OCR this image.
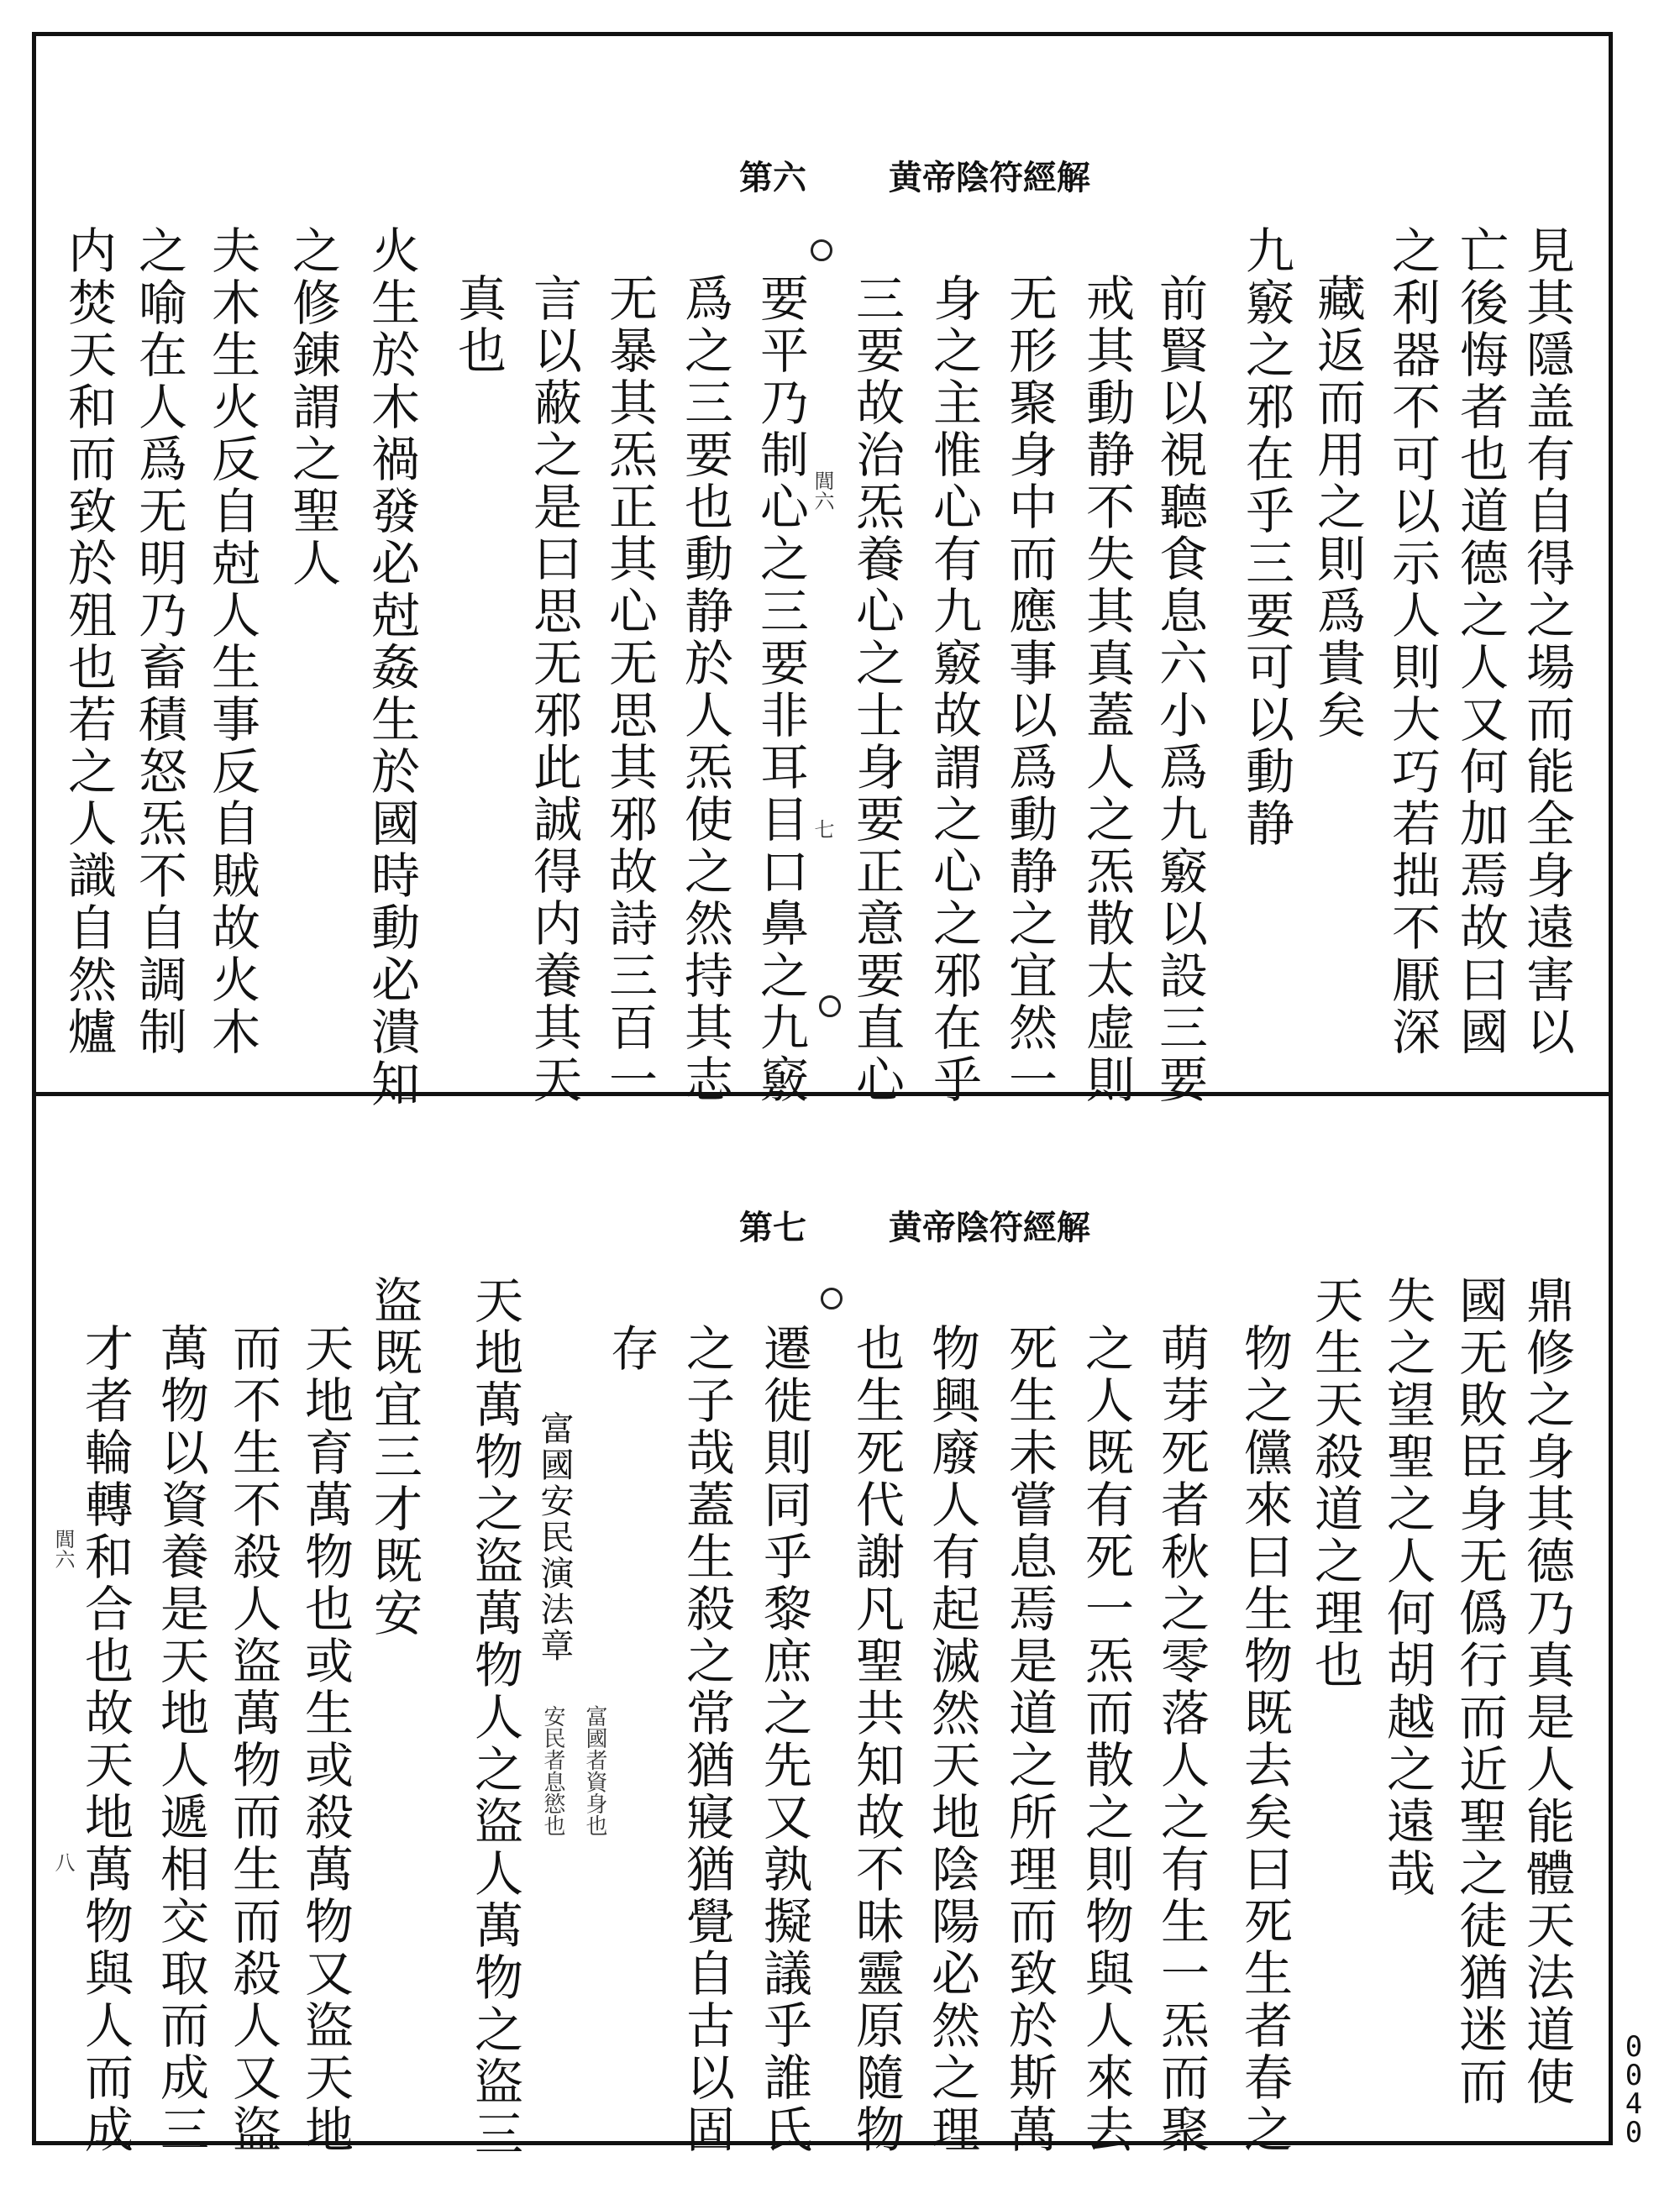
第六 黄帝陰符經解
見其隱盖有自得之場而能全身遠害以
亡後悔者也道德之人又何加焉故曰國
之利器不可以示人則大巧若拙不厭深
藏返而用之則爲貴矣
九竅之邪在乎三要可以動静
前賢以視聽食息六小爲九竅以設三要
戒其動静不失其真蓋人之炁散太虚則
无形聚身中而應事以爲動静之宜然一
身之主惟心有九竅故謂之心之邪在乎
三要故治炁養心之士身要正意要直心
要平乃制心之三要非耳目口鼻之九竅
爲之三要也動静於人炁使之然持其志
无暴其炁正其心无思其邪故詩三百一
言以蔽之是曰思无邪此誠得内養其天
真也
火生於木禍發必尅姦生於國時動必潰知
之修錬謂之聖人
夫木生火反自尅人生事反自賊故火木
之喻在人爲无明乃畜積怒炁不自調制
内焚天和而致於殂也若之人識自然爐	閭六
七
第七 黄帝陰符經解
鼎修之身其德乃真是人能體天法道使
國无敗臣身无僞行而近聖之徒猶迷而
失之望聖之人何胡越之遠哉
天生天殺道之理也
物之儻來曰生物既去矣曰死生者春之
萌芽死者秋之零落人之有生一炁而聚
之人既有死一炁而散之則物與人來去
死生未嘗息焉是道之所理而致於斯萬
物興廢人有起滅然天地陰陽必然之理
也生死代謝凡聖共知故不昧靈原隨物
遷徙則同乎黎庶之先又孰擬議乎誰氏
之子哉蓋生殺之常猶寢猶覺自古以固
存
富國安民演法章
富國者資身也
安民者息慾也
天地萬物之盜萬物人之盜人萬物之盜三
盜既宜三才既安
天地育萬物也或生或殺萬物又盜天地
而不生不殺人盜萬物而生而殺人又盜
萬物以資養是天地人遞相交取而成三
才者輪轉和合也故天地萬物與人而成
閭六
八
0040
